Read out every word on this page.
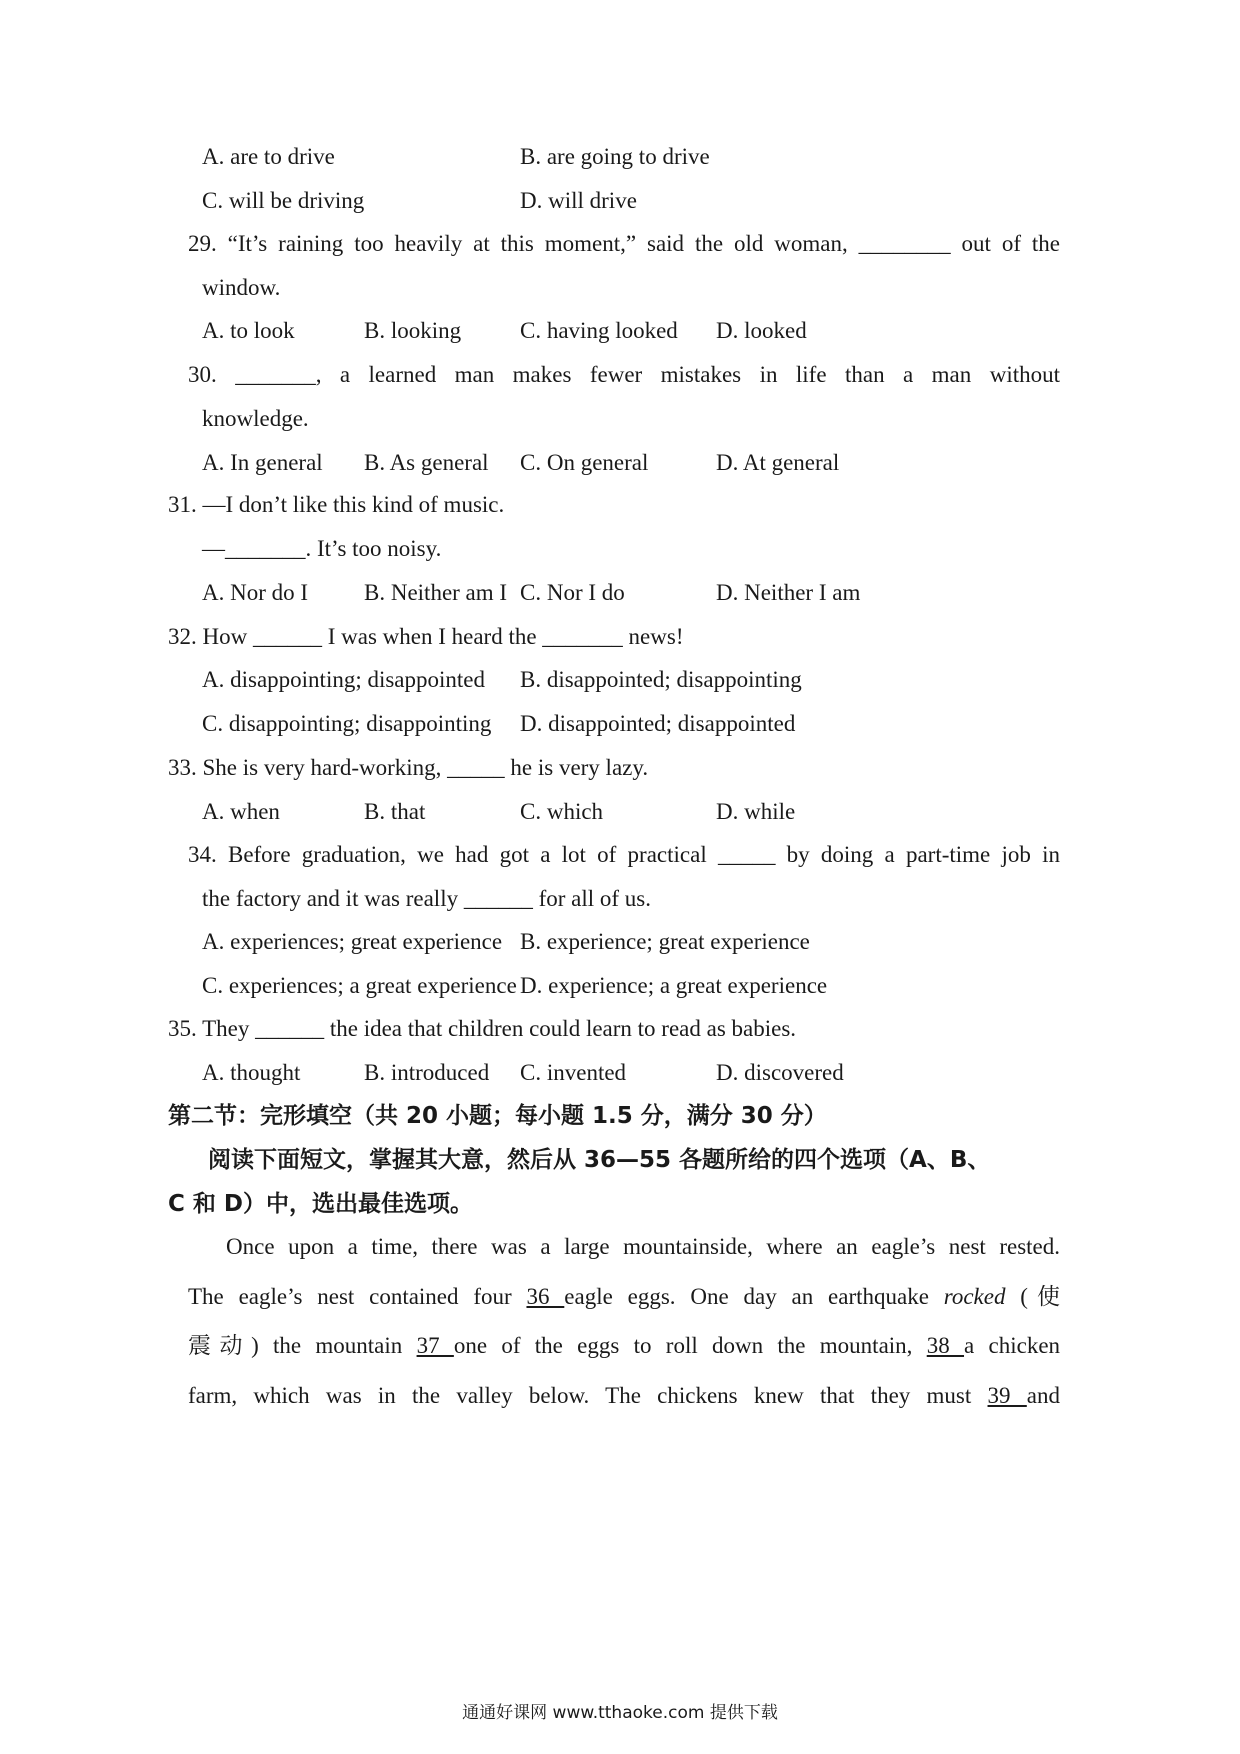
A. are to drive	B. are going to drive
C. will be driving	D. will drive
29. “It’s raining too heavily at this moment,” said the old woman, ________ out of the
window.
A. to look	B. looking	C. having looked D. looked
30. _______, a learned man makes fewer mistakes in life than a man without
knowledge.
A. In general B. As general C. On general	D. At general
31. —I don’t like this kind of music.
—_______. It’s too noisy.
A. Nor do I B. Neither am I C. Nor I do	D. Neither I am
32. How ______ I was when I heard the _______ news!
A. disappointing; disappointed B. disappointed; disappointing
C. disappointing; disappointing D. disappointed; disappointed
33. She is very hard-working, _____ he is very lazy.
A. when	B. that	C. which	D. while
34. Before graduation, we had got a lot of practical _____ by doing a part-time job in
the factory and it was really ______ for all of us.
A. experiences; great experience B. experience; great experience
C. experiences; a great experience D. experience; a great experience
35. They ______ the idea that children could learn to read as babies.
A. thought	B. introduced C. invented	D. discovered
第二节：完形填空（共 20 小题；每小题 1.5 分，满分 30 分）
阅读下面短文，掌握其大意，然后从 36—55 各题所给的四个选项（A、B、
C 和 D）中，选出最佳选项。

Once upon a time, there was a large mountainside, where an eagle’s nest rested.

The eagle’s nest contained four 36 eagle eggs. One day an earthquake rocked (使

震动) the mountain 37 one of the eggs to roll down the mountain, 38 a chicken

farm, which was in the valley below. The chickens knew that they must 39 and

通通好课网 www.tthaoke.com 提供下载
